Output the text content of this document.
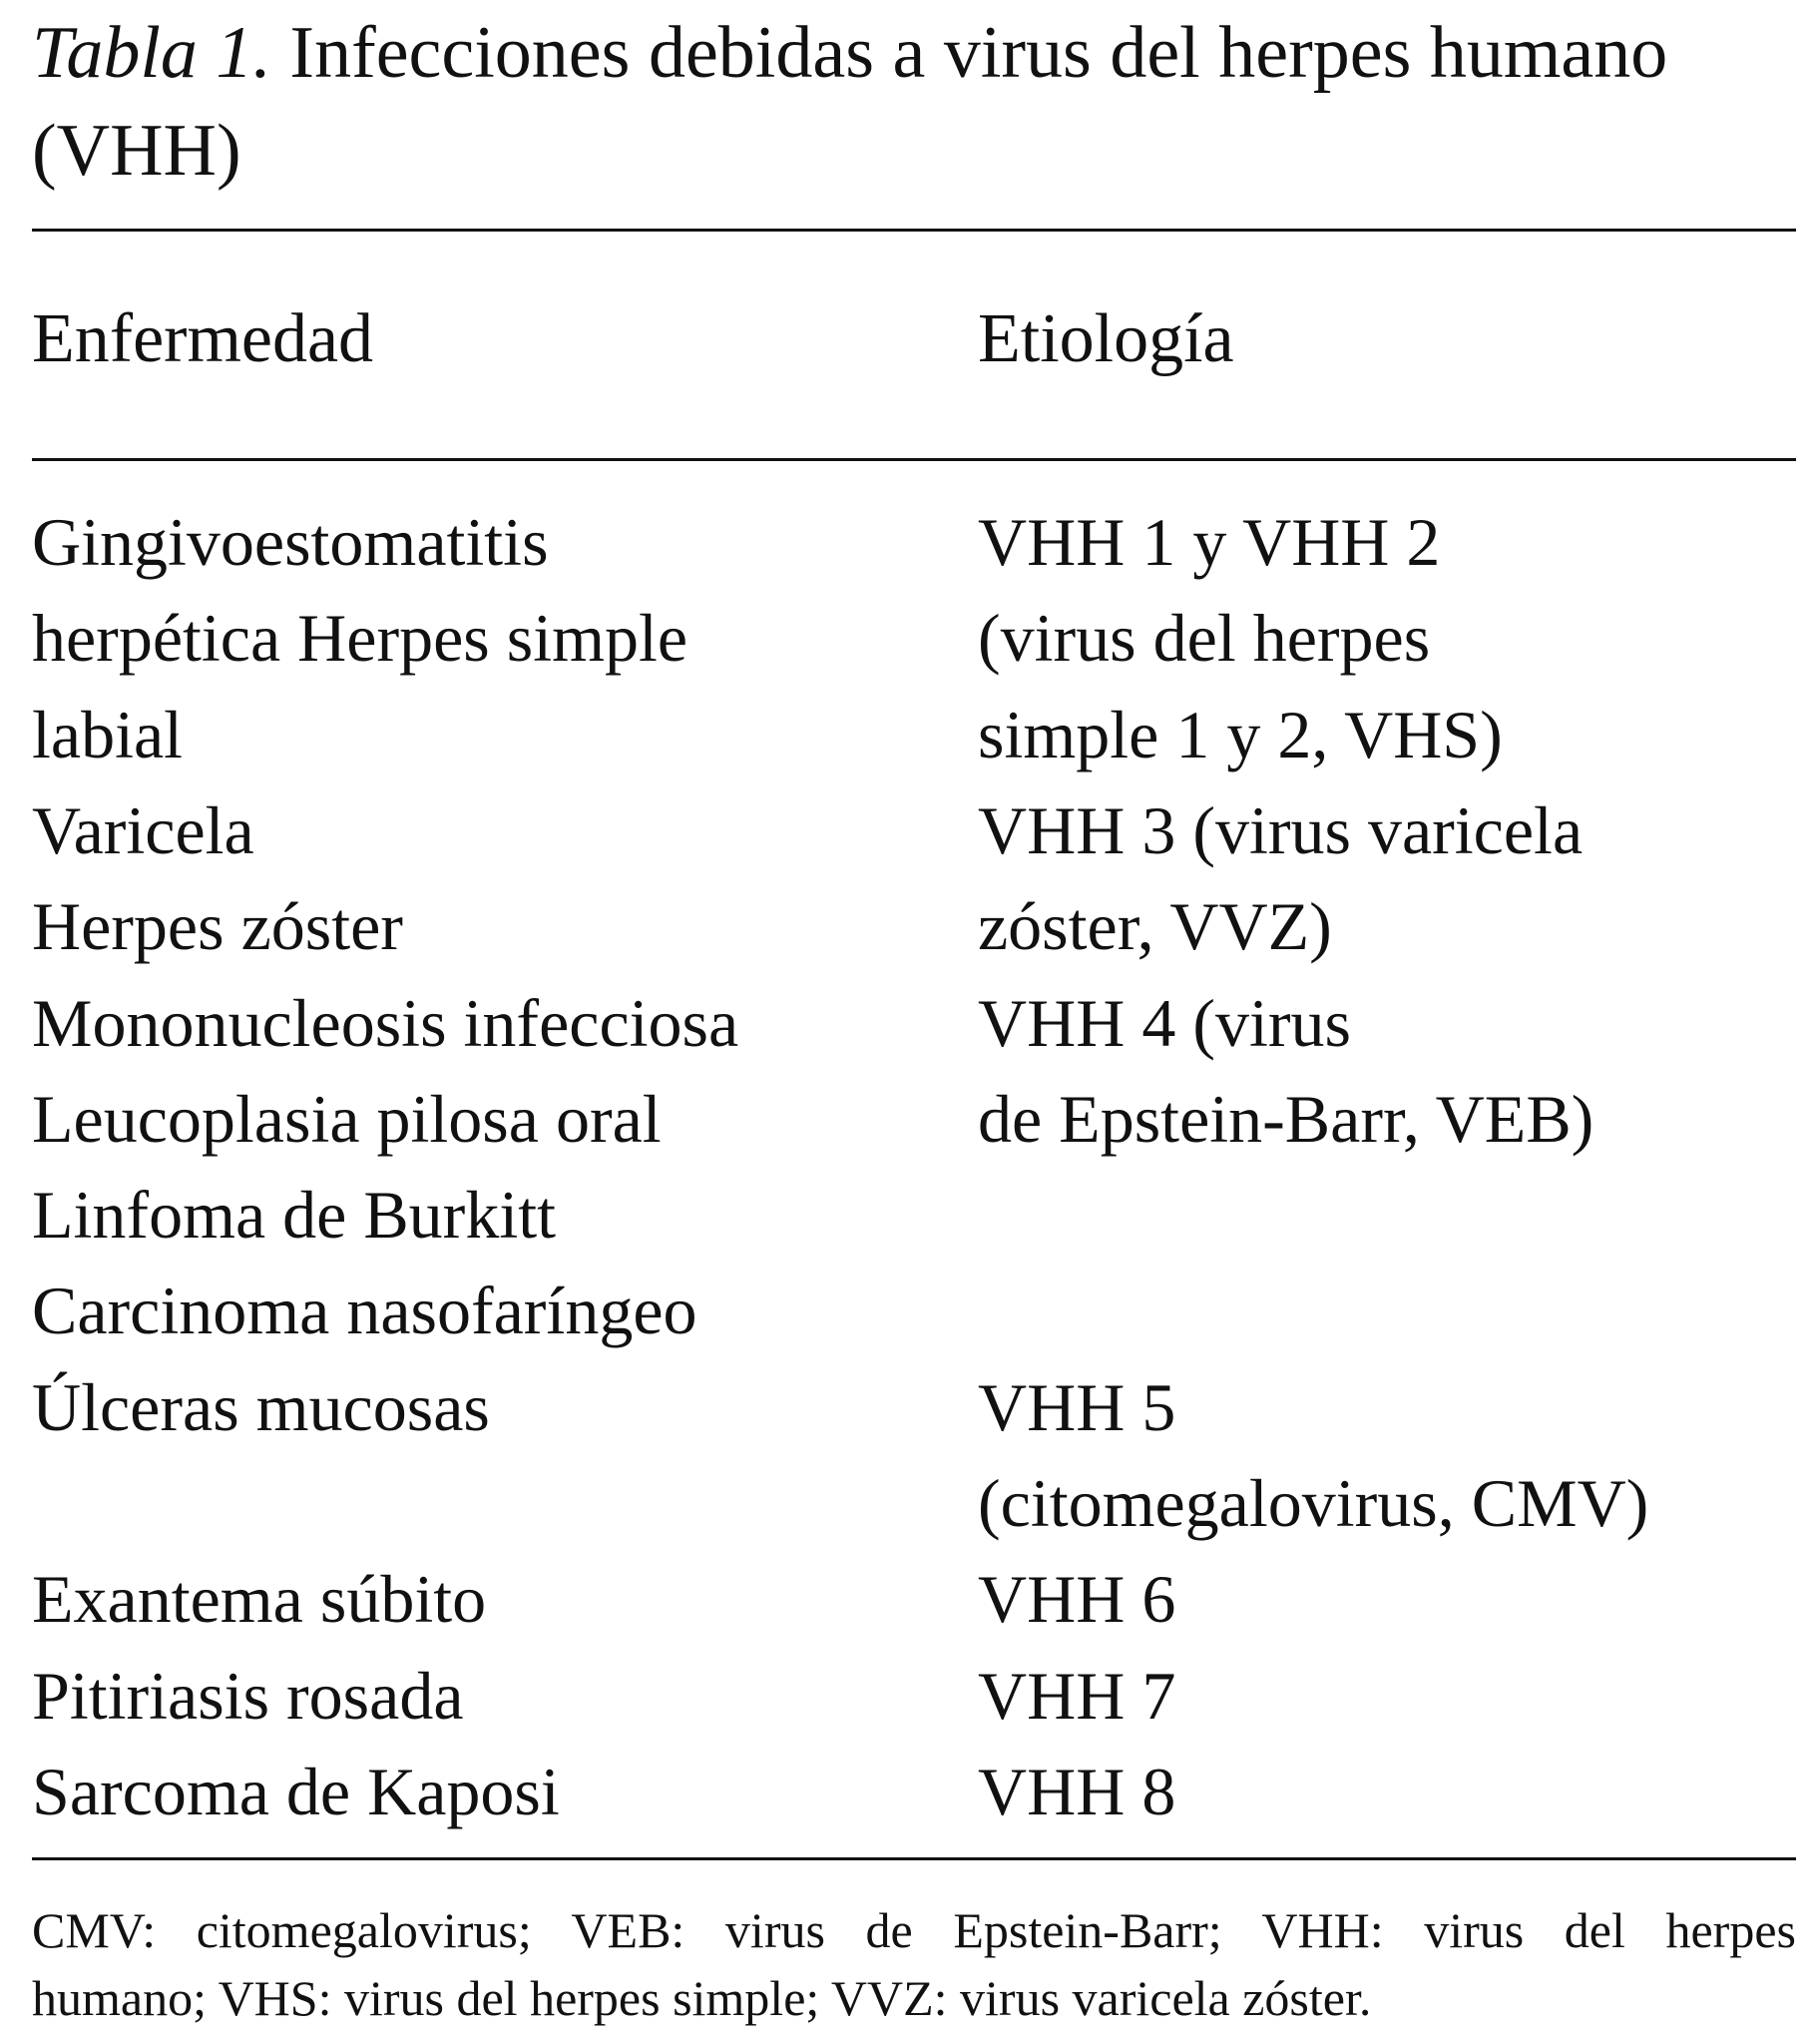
Tabla 1. Infecciones debidas a virus del herpes humano
(VHH)
Enfermedad	Etiología
Gingivoestomatitis
herpética Herpes simple
labial
Varicela
Herpes zóster
Mononucleosis infecciosa
Leucoplasia pilosa oral
Linfoma de Burkitt
Carcinoma nasofaríngeo
Úlceras mucosas
Exantema súbito
Pitiriasis rosada
Sarcoma de Kaposi
VHH 1 y VHH 2
(virus del herpes
simple 1 y 2, VHS)
VHH 3 (virus varicela
zóster, VVZ)
VHH 4 (virus
de Epstein-Barr, VEB)
VHH 5
(citomegalovirus, CMV)
VHH 6
VHH 7
VHH 8
CMV: citomegalovirus; VEB: virus de Epstein-Barr; VHH: virus del herpes
humano; VHS: virus del herpes simple; VVZ: virus varicela zóster.
